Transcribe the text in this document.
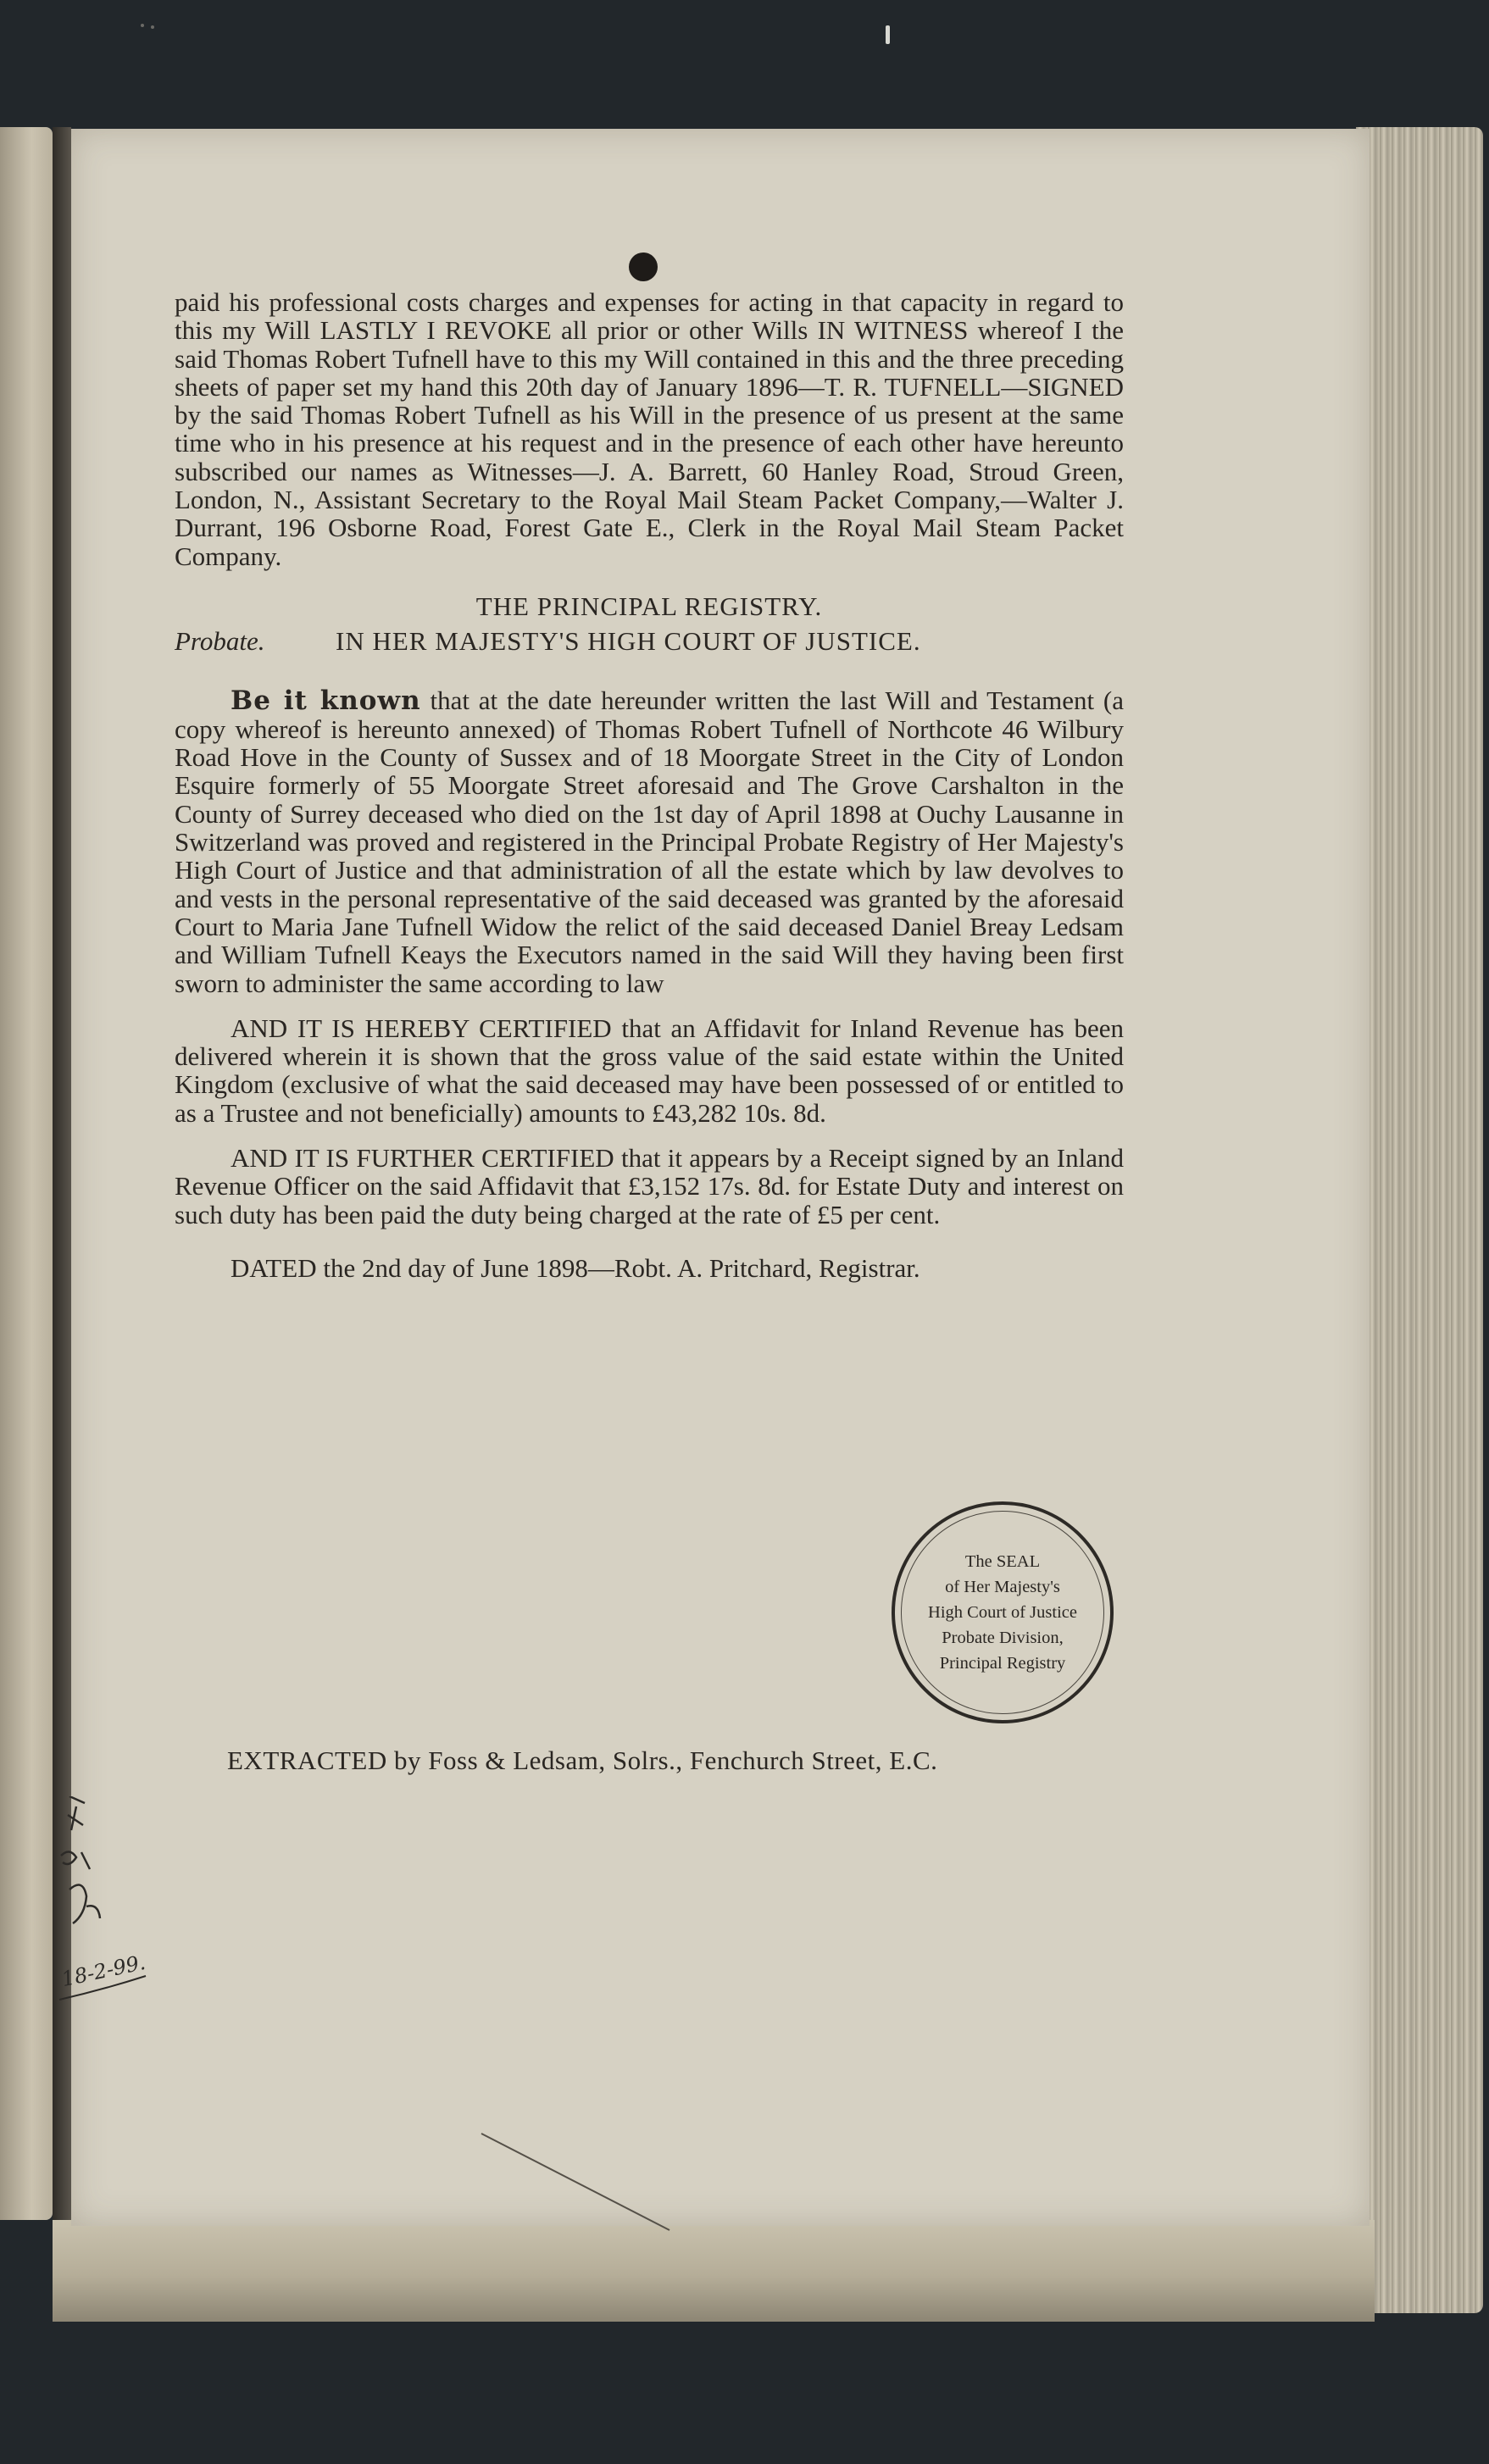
paid his professional costs charges and expenses for acting in that capacity in regard to this my Will LASTLY I REVOKE all prior or other Wills IN WITNESS whereof I the said Thomas Robert Tufnell have to this my Will contained in this and the three preceding sheets of paper set my hand this 20th day of January 1896—T. R. TUFNELL—SIGNED by the said Thomas Robert Tufnell as his Will in the presence of us present at the same time who in his presence at his request and in the presence of each other have hereunto subscribed our names as Witnesses—J. A. Barrett, 60 Hanley Road, Stroud Green, London, N., Assistant Secretary to the Royal Mail Steam Packet Company,—Walter J. Durrant, 196 Osborne Road, Forest Gate E., Clerk in the Royal Mail Steam Packet Company.

THE PRINCIPAL REGISTRY.

Probate.	IN HER MAJESTY'S HIGH COURT OF JUSTICE.

Be it known that at the date hereunder written the last Will and Testament (a copy whereof is hereunto annexed) of Thomas Robert Tufnell of Northcote 46 Wilbury Road Hove in the County of Sussex and of 18 Moorgate Street in the City of London Esquire formerly of 55 Moorgate Street aforesaid and The Grove Carshalton in the County of Surrey deceased who died on the 1st day of April 1898 at Ouchy Lausanne in Switzerland was proved and registered in the Principal Probate Registry of Her Majesty's High Court of Justice and that administration of all the estate which by law devolves to and vests in the personal representative of the said deceased was granted by the aforesaid Court to Maria Jane Tufnell Widow the relict of the said deceased Daniel Breay Ledsam and William Tufnell Keays the Executors named in the said Will they having been first sworn to administer the same according to law

AND IT IS HEREBY CERTIFIED that an Affidavit for Inland Revenue has been delivered wherein it is shown that the gross value of the said estate within the United Kingdom (exclusive of what the said deceased may have been possessed of or entitled to as a Trustee and not beneficially) amounts to £43,282 10s. 8d.

AND IT IS FURTHER CERTIFIED that it appears by a Receipt signed by an Inland Revenue Officer on the said Affidavit that £3,152 17s. 8d. for Estate Duty and interest on such duty has been paid the duty being charged at the rate of £5 per cent.

DATED the 2nd day of June 1898—Robt. A. Pritchard, Registrar.

The SEAL
of Her Majesty's
High Court of Justice
Probate Division,
Principal Registry
EXTRACTED by Foss & Ledsam, Solrs., Fenchurch Street, E.C.
18-2-99.
